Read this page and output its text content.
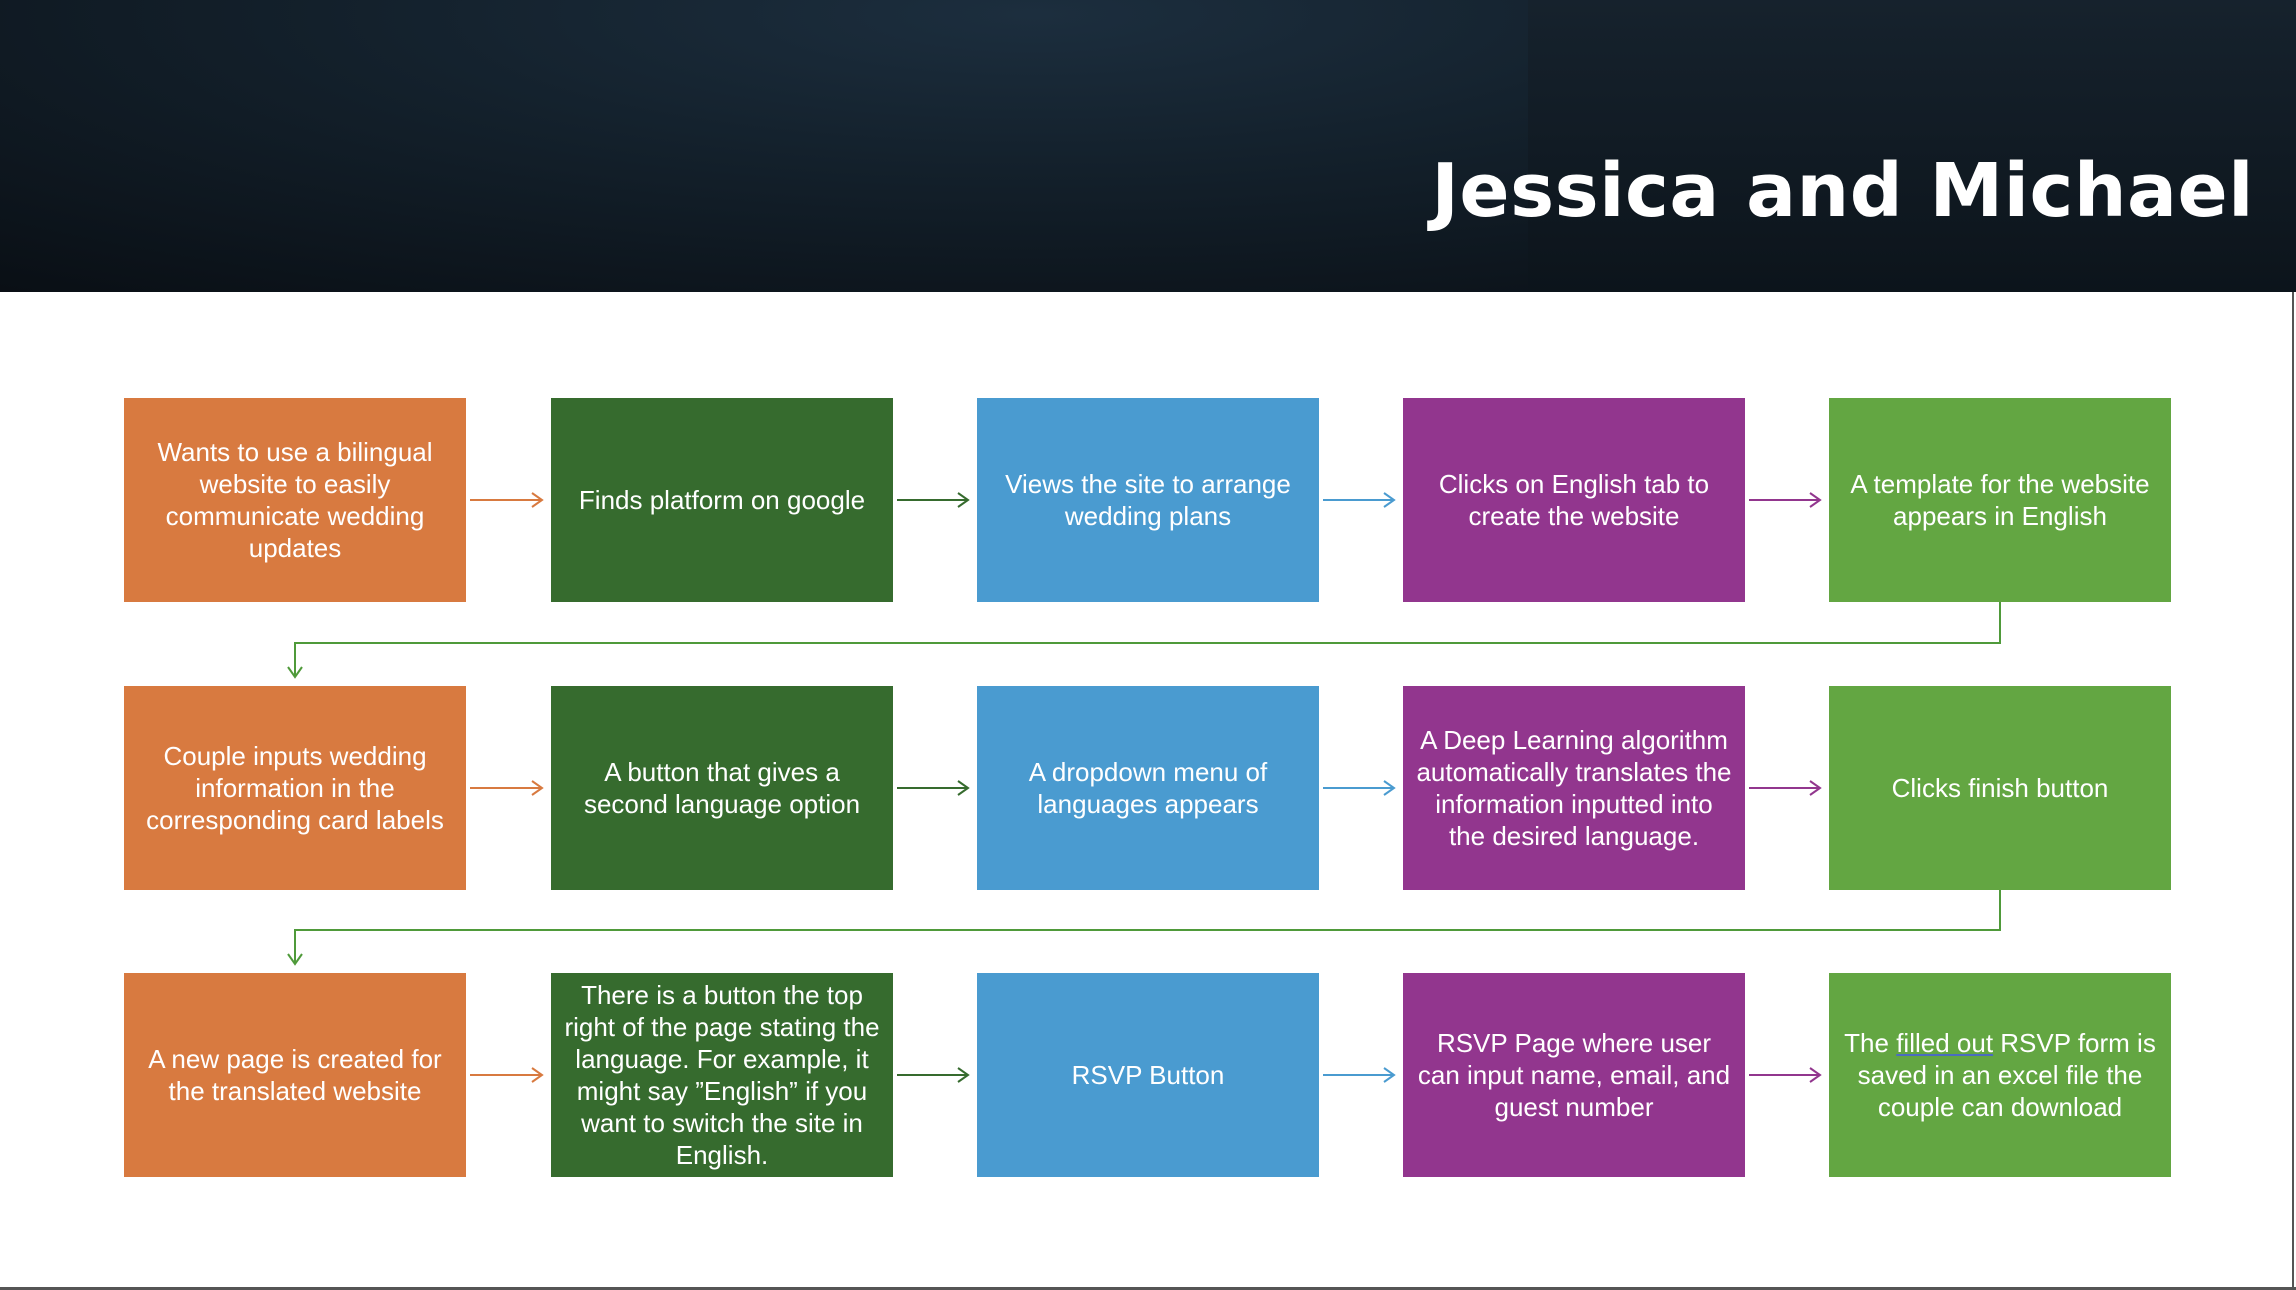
Jessica and Michael
Wants to use a bilingual website to easily communicate wedding updates
Finds platform on google
Views the site to arrange wedding plans
Clicks on English tab to create the website
A template for the website appears in English
Couple inputs wedding information in the corresponding card labels
A button that gives a second language option
A dropdown menu of languages appears
A Deep Learning algorithm automatically translates the information inputted into the desired language.
Clicks finish button
A new page is created for the translated website
There is a button the top right of the page stating the language. For example, it might say ”English” if you want to switch the site in English.
RSVP Button
RSVP Page where user can input name, email, and guest number
The filled out RSVP form is saved in an excel file the couple can download
